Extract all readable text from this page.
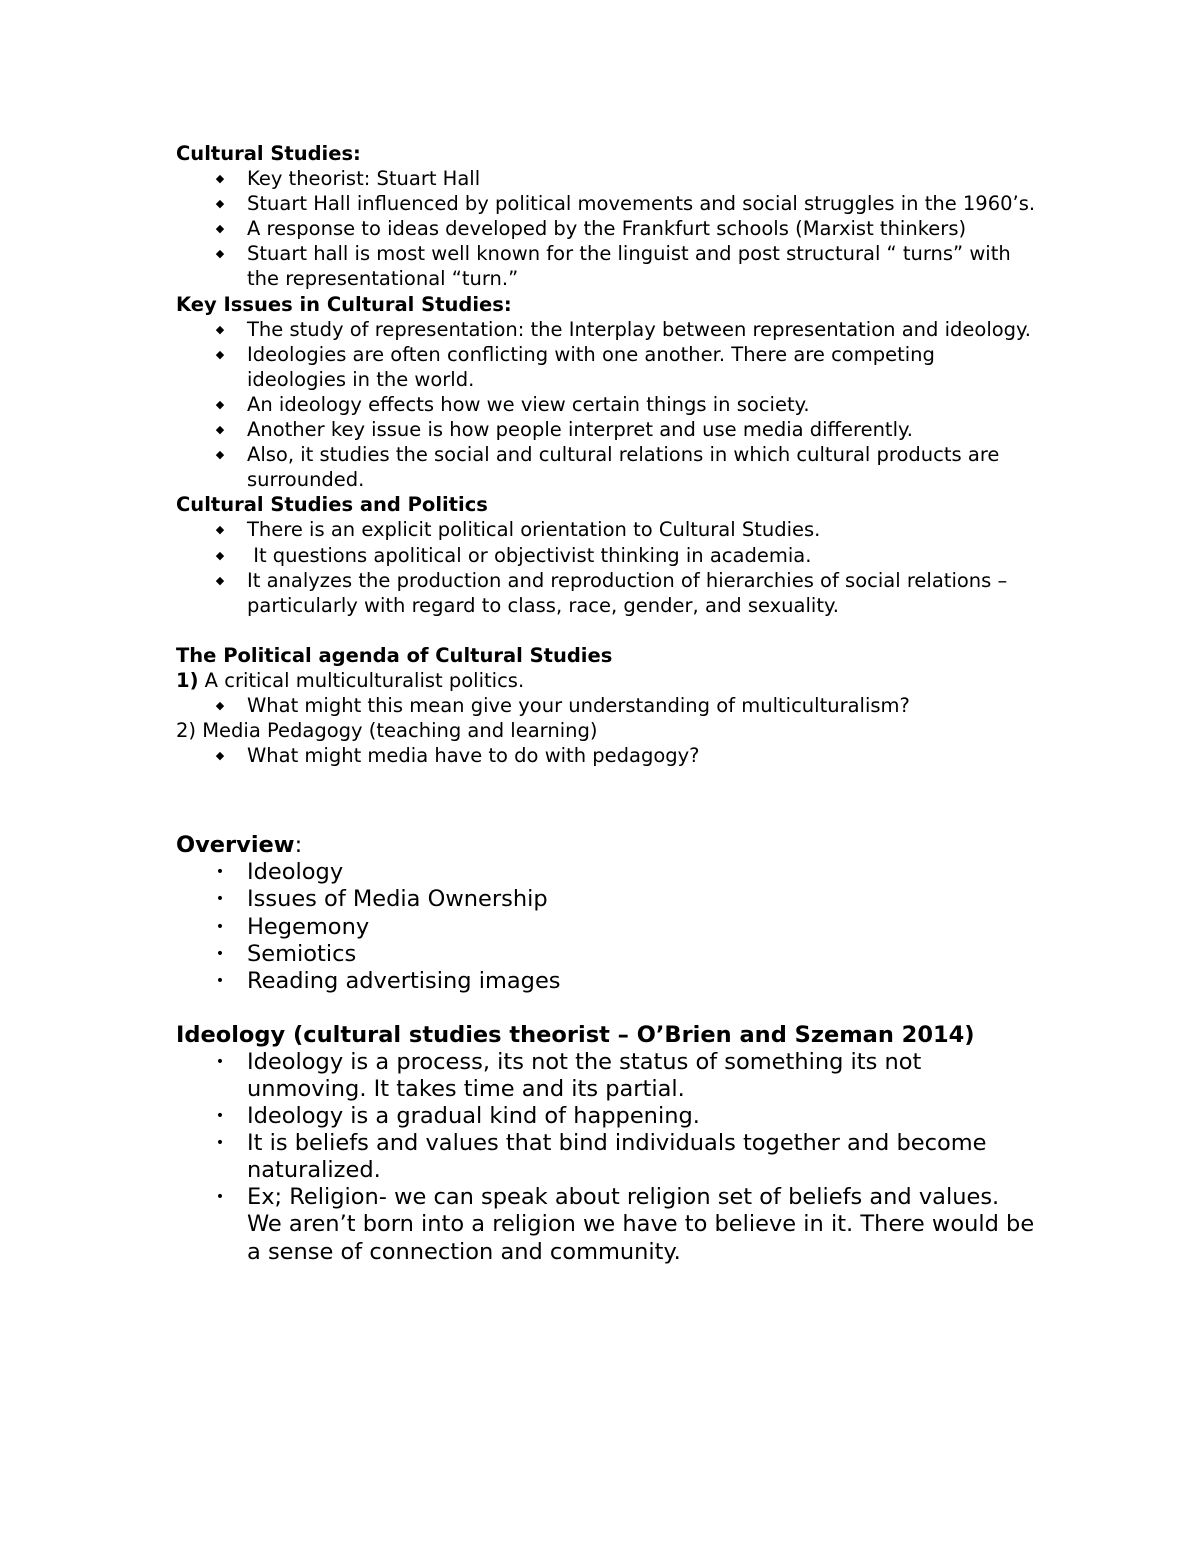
Cultural Studies:

◆ Key theorist: Stuart Hall
◆ Stuart Hall influenced by political movements and social struggles in the 1960’s.
◆ A response to ideas developed by the Frankfurt schools (Marxist thinkers)
◆ Stuart hall is most well known for the linguist and post structural “ turns” with the representational “turn.”

Key Issues in Cultural Studies:

◆ The study of representation: the Interplay between representation and ideology.
◆ Ideologies are often conflicting with one another. There are competing ideologies in the world.
◆ An ideology effects how we view certain things in society.
◆ Another key issue is how people interpret and use media differently.
◆ Also, it studies the social and cultural relations in which cultural products are surrounded.

Cultural Studies and Politics

◆ There is an explicit political orientation to Cultural Studies.
◆ It questions apolitical or objectivist thinking in academia.
◆ It analyzes the production and reproduction of hierarchies of social relations – particularly with regard to class, race, gender, and sexuality.

The Political agenda of Cultural Studies

1) A critical multiculturalist politics.

◆ What might this mean give your understanding of multiculturalism?

2) Media Pedagogy (teaching and learning)

◆ What might media have to do with pedagogy?

Overview:

• Ideology
• Issues of Media Ownership
• Hegemony
• Semiotics
• Reading advertising images

Ideology (cultural studies theorist – O’Brien and Szeman 2014)

• Ideology is a process, its not the status of something its not unmoving. It takes time and its partial.
• Ideology is a gradual kind of happening.
• It is beliefs and values that bind individuals together and become naturalized.
• Ex; Religion- we can speak about religion set of beliefs and values. We aren’t born into a religion we have to believe in it. There would be a sense of connection and community.
